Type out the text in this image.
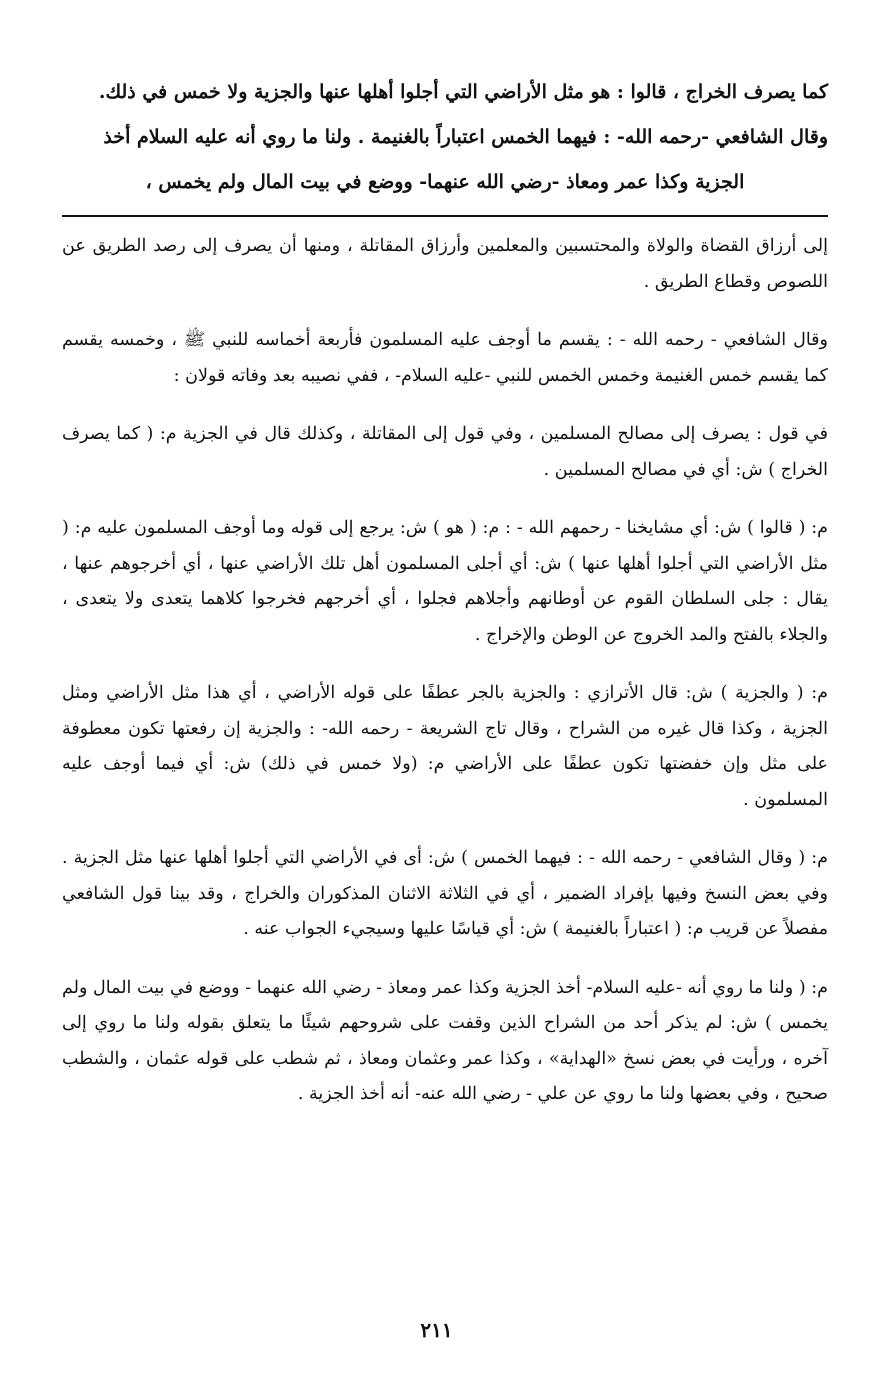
كما يصرف الخراج ، قالوا : هو مثل الأراضي التي أجلوا أهلها عنها والجزية ولا خمس في ذلك.
وقال الشافعي -رحمه الله- : فيهما الخمس اعتباراً بالغنيمة . ولنا ما روي أنه عليه السلام أخذ

الجزية وكذا عمر ومعاذ -رضي الله عنهما- ووضع في بيت المال ولم يخمس ،

إلى أرزاق القضاة والولاة والمحتسبين والمعلمين وأرزاق المقاتلة ، ومنها أن يصرف إلى رصد الطريق عن اللصوص وقطاع الطريق .

وقال الشافعي - رحمه الله - : يقسم ما أوجف عليه المسلمون فأربعة أخماسه للنبي ﷺ ، وخمسه يقسم كما يقسم خمس الغنيمة وخمس الخمس للنبي -عليه السلام- ، ففي نصيبه بعد وفاته قولان :

في قول : يصرف إلى مصالح المسلمين ، وفي قول إلى المقاتلة ، وكذلك قال في الجزية م: ( كما يصرف الخراج ) ش: أي في مصالح المسلمين .

م: ( قالوا ) ش: أي مشايخنا - رحمهم الله - : م: ( هو ) ش: يرجع إلى قوله وما أوجف المسلمون عليه م: ( مثل الأراضي التي أجلوا أهلها عنها ) ش: أي أجلى المسلمون أهل تلك الأراضي عنها ، أي أخرجوهم عنها ، يقال : جلى السلطان القوم عن أوطانهم وأجلاهم فجلوا ، أي أخرجهم فخرجوا كلاهما يتعدى ولا يتعدى ، والجلاء بالفتح والمد الخروج عن الوطن والإخراج .

م: ( والجزية ) ش: قال الأترازي : والجزية بالجر عطفًا على قوله الأراضي ، أي هذا مثل الأراضي ومثل الجزية ، وكذا قال غيره من الشراح ، وقال تاج الشريعة - رحمه الله- : والجزية إن رفعتها تكون معطوفة على مثل وإن خفضتها تكون عطفًا على الأراضي م: (ولا خمس في ذلك) ش: أي فيما أوجف عليه المسلمون .

م: ( وقال الشافعي - رحمه الله - : فيهما الخمس ) ش: أى في الأراضي التي أجلوا أهلها عنها مثل الجزية . وفي بعض النسخ وفيها بإفراد الضمير ، أي في الثلاثة الاثنان المذكوران والخراج ، وقد بينا قول الشافعي مفصلاً عن قريب م: ( اعتباراً بالغنيمة ) ش: أي قياسًا عليها وسيجيء الجواب عنه .

م: ( ولنا ما روي أنه -عليه السلام- أخذ الجزية وكذا عمر ومعاذ - رضي الله عنهما - ووضع في بيت المال ولم يخمس ) ش: لم يذكر أحد من الشراح الذين وقفت على شروحهم شيئًا ما يتعلق بقوله ولنا ما روي إلى آخره ، ورأيت في بعض نسخ «الهداية» ، وكذا عمر وعثمان ومعاذ ، ثم شطب على قوله عثمان ، والشطب صحيح ، وفي بعضها ولنا ما روي عن علي - رضي الله عنه- أنه أخذ الجزية .

٢١١
